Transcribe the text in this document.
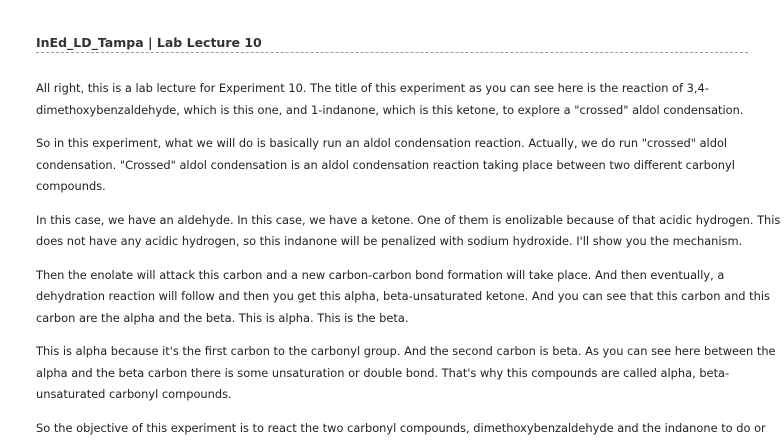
InEd_LD_Tampa | Lab Lecture 10

All right, this is a lab lecture for Experiment 10. The title of this experiment as you can see here is the reaction of 3,4-
dimethoxybenzaldehyde, which is this one, and 1-indanone, which is this ketone, to explore a "crossed" aldol condensation.

So in this experiment, what we will do is basically run an aldol condensation reaction. Actually, we do run "crossed" aldol
condensation. "Crossed" aldol condensation is an aldol condensation reaction taking place between two different carbonyl
compounds.

In this case, we have an aldehyde. In this case, we have a ketone. One of them is enolizable because of that acidic hydrogen. This
does not have any acidic hydrogen, so this indanone will be penalized with sodium hydroxide. I'll show you the mechanism.

Then the enolate will attack this carbon and a new carbon-carbon bond formation will take place. And then eventually, a
dehydration reaction will follow and then you get this alpha, beta-unsaturated ketone. And you can see that this carbon and this
carbon are the alpha and the beta. This is alpha. This is the beta.

This is alpha because it's the first carbon to the carbonyl group. And the second carbon is beta. As you can see here between the
alpha and the beta carbon there is some unsaturation or double bond. That's why this compounds are called alpha, beta-
unsaturated carbonyl compounds.

So the objective of this experiment is to react the two carbonyl compounds, dimethoxybenzaldehyde and the indanone to do or
